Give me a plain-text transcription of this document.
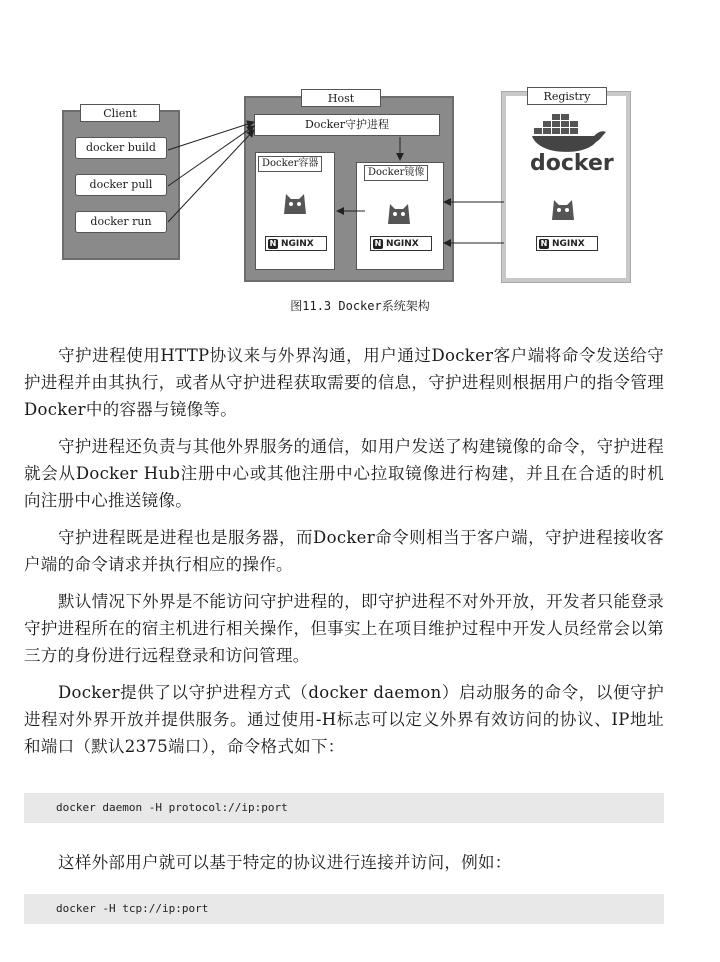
Client
docker build
docker pull
docker run
Host
Docker守护进程
Docker容器
Docker镜像
Registry
docker
N NGINX	N NGINX	N NGINX
图11.3 Docker系统架构

守护进程使用HTTP协议来与外界沟通，用户通过Docker客户端将命令发送给守护进程并由其执行，或者从守护进程获取需要的信息，守护进程则根据用户的指令管理Docker中的容器与镜像等。

守护进程还负责与其他外界服务的通信，如用户发送了构建镜像的命令，守护进程就会从Docker Hub注册中心或其他注册中心拉取镜像进行构建，并且在合适的时机向注册中心推送镜像。

守护进程既是进程也是服务器，而Docker命令则相当于客户端，守护进程接收客户端的命令请求并执行相应的操作。

默认情况下外界是不能访问守护进程的，即守护进程不对外开放，开发者只能登录守护进程所在的宿主机进行相关操作，但事实上在项目维护过程中开发人员经常会以第三方的身份进行远程登录和访问管理。

Docker提供了以守护进程方式（docker daemon）启动服务的命令，以便守护进程对外界开放并提供服务。通过使用-H标志可以定义外界有效访问的协议、IP地址和端口（默认2375端口），命令格式如下：

docker daemon -H protocol://ip:port

这样外部用户就可以基于特定的协议进行连接并访问，例如：

docker -H tcp://ip:port
